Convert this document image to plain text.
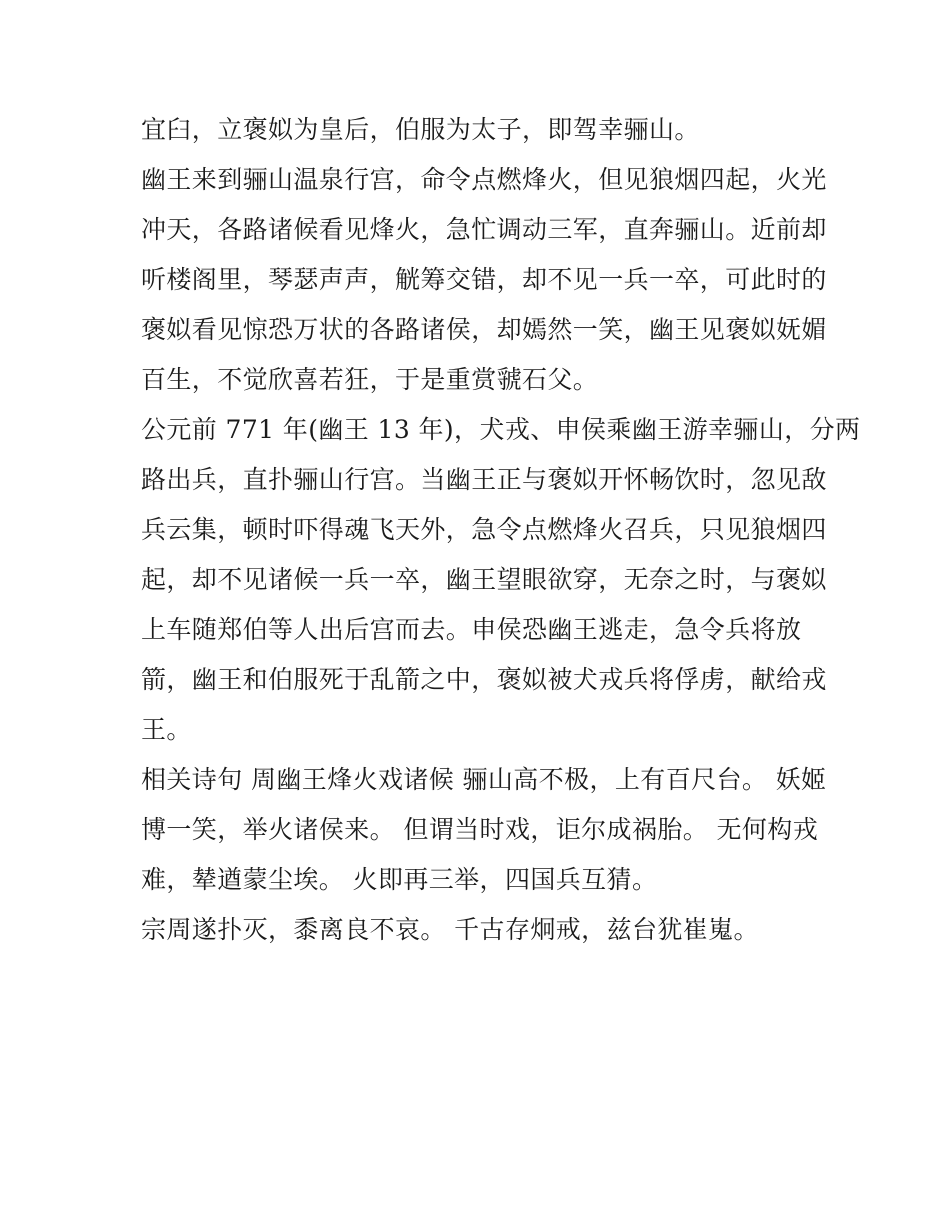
宜臼，立褒姒为皇后，伯服为太子，即驾幸骊山。

幽王来到骊山温泉行宫，命令点燃烽火，但见狼烟四起，火光
冲天，各路诸候看见烽火，急忙调动三军，直奔骊山。近前却
听楼阁里，琴瑟声声，觥筹交错，却不见一兵一卒，可此时的
褒姒看见惊恐万状的各路诸侯，却嫣然一笑，幽王见褒姒妩媚
百生，不觉欣喜若狂，于是重赏虢石父。

公元前 771 年(幽王 13 年)，犬戎、申侯乘幽王游幸骊山，分两
路出兵，直扑骊山行宫。当幽王正与褒姒开怀畅饮时，忽见敌
兵云集，顿时吓得魂飞天外，急令点燃烽火召兵，只见狼烟四
起，却不见诸候一兵一卒，幽王望眼欲穿，无奈之时，与褒姒
上车随郑伯等人出后宫而去。申侯恐幽王逃走，急令兵将放
箭，幽王和伯服死于乱箭之中，褒姒被犬戎兵将俘虏，献给戎
王。

相关诗句 周幽王烽火戏诸候 骊山高不极，上有百尺台。 妖姬
博一笑，举火诸侯来。 但谓当时戏，讵尔成祸胎。 无何构戎
难，辇遒蒙尘埃。 火即再三举，四国兵互猜。

宗周遂扑灭，黍离良不哀。 千古存炯戒，兹台犹崔嵬。
